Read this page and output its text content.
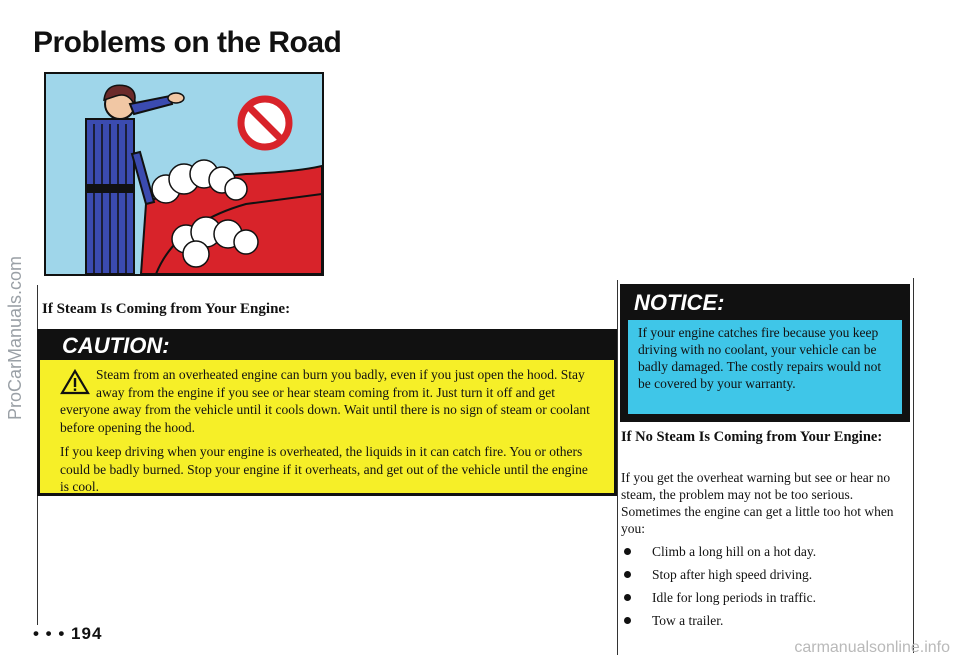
Problems on the Road
If Steam Is Coming from Your Engine:
CAUTION:

Steam from an overheated engine can burn you badly, even if you just open the hood. Stay away from the engine if you see or hear steam coming from it. Just turn it off and get everyone away from the vehicle until it cools down. Wait until there is no sign of steam or coolant before opening the hood.

If you keep driving when your engine is overheated, the liquids in it can catch fire. You or others could be badly burned. Stop your engine if it overheats, and get out of the vehicle until the engine is cool.

NOTICE:
If your engine catches fire because you keep driving with no coolant, your vehicle can be badly damaged. The costly repairs would not be covered by your warranty.
If No Steam Is Coming from Your Engine:
If you get the overheat warning but see or hear no steam, the problem may not be too serious. Sometimes the engine can get a little too hot when you:
Climb a long hill on a hot day.
Stop after high speed driving.
Idle for long periods in traffic.
Tow a trailer.
• • • 194
ProCarManuals.com
carmanualsonline.info
